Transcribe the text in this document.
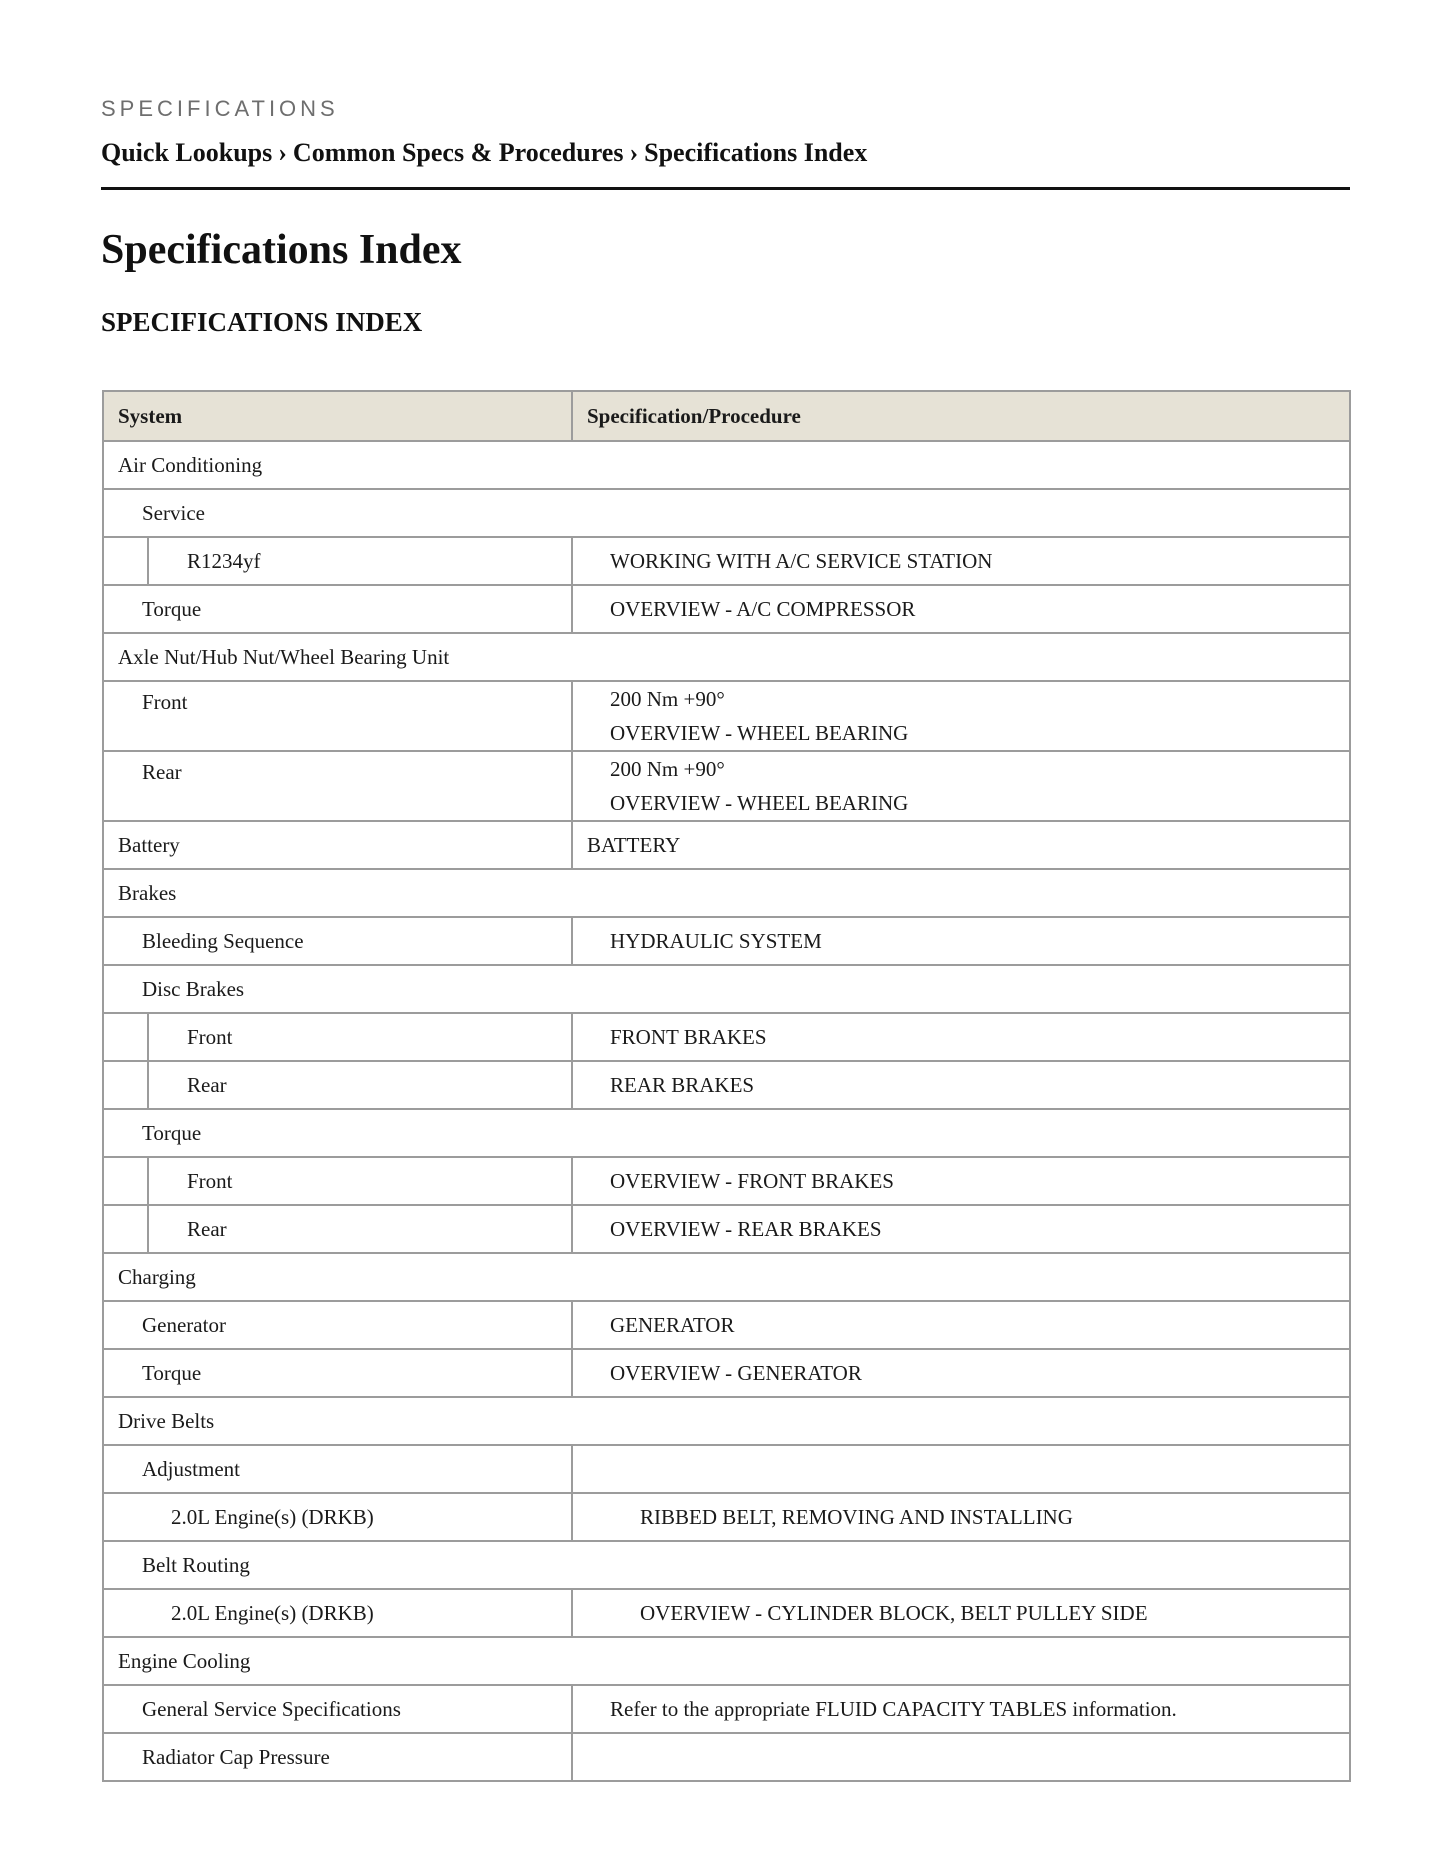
SPECIFICATIONS
Quick Lookups › Common Specs & Procedures › Specifications Index
Specifications Index
SPECIFICATIONS INDEX
System	Specification/Procedure

Air Conditioning	

Service	

R1234yf	WORKING WITH A/C SERVICE STATION

Torque	OVERVIEW - A/C COMPRESSOR

Axle Nut/Hub Nut/Wheel Bearing Unit	

Front	200 Nm +90°
OVERVIEW - WHEEL BEARING

Rear	200 Nm +90°
OVERVIEW - WHEEL BEARING

Battery	BATTERY

Brakes	

Bleeding Sequence	HYDRAULIC SYSTEM

Disc Brakes	

Front	FRONT BRAKES

Rear	REAR BRAKES

Torque	

Front	OVERVIEW - FRONT BRAKES

Rear	OVERVIEW - REAR BRAKES

Charging	

Generator	GENERATOR

Torque	OVERVIEW - GENERATOR

Drive Belts	

Adjustment	

2.0L Engine(s) (DRKB)	RIBBED BELT, REMOVING AND INSTALLING

Belt Routing	

2.0L Engine(s) (DRKB)	OVERVIEW - CYLINDER BLOCK, BELT PULLEY SIDE

Engine Cooling	

General Service Specifications	Refer to the appropriate FLUID CAPACITY TABLES information.

Radiator Cap Pressure	
